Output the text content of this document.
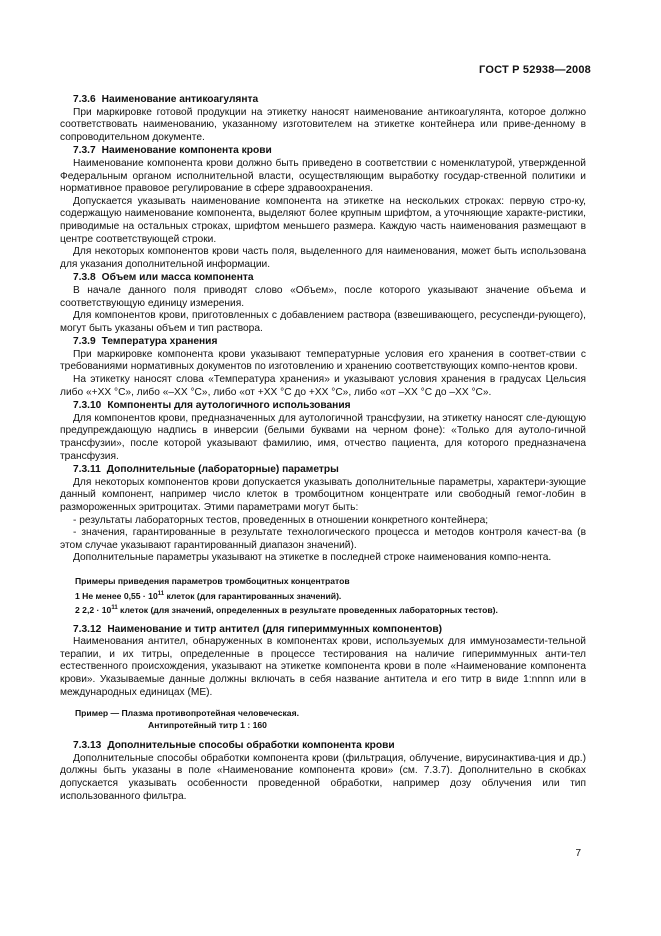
ГОСТ Р 52938—2008
7.3.6 Наименование антикоагулянта

При маркировке готовой продукции на этикетку наносят наименование антикоагулянта, которое должно соответствовать наименованию, указанному изготовителем на этикетке контейнера или приве-денному в сопроводительном документе.

7.3.7 Наименование компонента крови

Наименование компонента крови должно быть приведено в соответствии с номенклатурой, утвержденной Федеральным органом исполнительной власти, осуществляющим выработку государ-ственной политики и нормативное правовое регулирование в сфере здравоохранения.

Допускается указывать наименование компонента на этикетке на нескольких строках: первую стро-ку, содержащую наименование компонента, выделяют более крупным шрифтом, а уточняющие характе-ристики, приводимые на остальных строках, шрифтом меньшего размера. Каждую часть наименования размещают в центре соответствующей строки.

Для некоторых компонентов крови часть поля, выделенного для наименования, может быть использована для указания дополнительной информации.

7.3.8 Объем или масса компонента

В начале данного поля приводят слово «Объем», после которого указывают значение объема и соответствующую единицу измерения.

Для компонентов крови, приготовленных с добавлением раствора (взвешивающего, ресуспенди-рующего), могут быть указаны объем и тип раствора.

7.3.9 Температура хранения

При маркировке компонента крови указывают температурные условия его хранения в соответ-ствии с требованиями нормативных документов по изготовлению и хранению соответствующих компо-нентов крови.

На этикетку наносят слова «Температура хранения» и указывают условия хранения в градусах Цельсия либо «+XX °C», либо «–XX °C», либо «от +XX °C до +XX °C», либо «от –XX °C до –XX °C».

7.3.10 Компоненты для аутологичного использования

Для компонентов крови, предназначенных для аутологичной трансфузии, на этикетку наносят сле-дующую предупреждающую надпись в инверсии (белыми буквами на черном фоне): «Только для аутоло-гичной трансфузии», после которой указывают фамилию, имя, отчество пациента, для которого предназначена трансфузия.

7.3.11 Дополнительные (лабораторные) параметры

Для некоторых компонентов крови допускается указывать дополнительные параметры, характери-зующие данный компонент, например число клеток в тромбоцитном концентрате или свободный гемог-лобин в размороженных эритроцитах. Этими параметрами могут быть:

- результаты лабораторных тестов, проведенных в отношении конкретного контейнера;

- значения, гарантированные в результате технологического процесса и методов контроля качест-ва (в этом случае указывают гарантированный диапазон значений).

Дополнительные параметры указывают на этикетке в последней строке наименования компо-нента.

Примеры приведения параметров тромбоцитных концентратов
1 Не менее $0,55 \cdot 10^{11}$ клеток (для гарантированных значений).
2 $2,2 \cdot 10^{11}$ клеток (для значений, определенных в результате проведенных лабораторных тестов).
7.3.12 Наименование и титр антител (для гипериммунных компонентов)

Наименования антител, обнаруженных в компонентах крови, используемых для иммунозамести-тельной терапии, и их титры, определенные в процессе тестирования на наличие гипериммунных анти-тел естественного происхождения, указывают на этикетке компонента крови в поле «Наименование компонента крови». Указываемые данные должны включать в себя название антитела и его титр в виде 1:nnnn или в международных единицах (МЕ).

Пример — Плазма противопротейная человеческая.
Антипротейный титр 1 : 160
7.3.13 Дополнительные способы обработки компонента крови

Дополнительные способы обработки компонента крови (фильтрация, облучение, вирусинактива-ция и др.) должны быть указаны в поле «Наименование компонента крови» (см. 7.3.7). Дополнительно в скобках допускается указывать особенности проведенной обработки, например дозу облучения или тип использованного фильтра.

7
